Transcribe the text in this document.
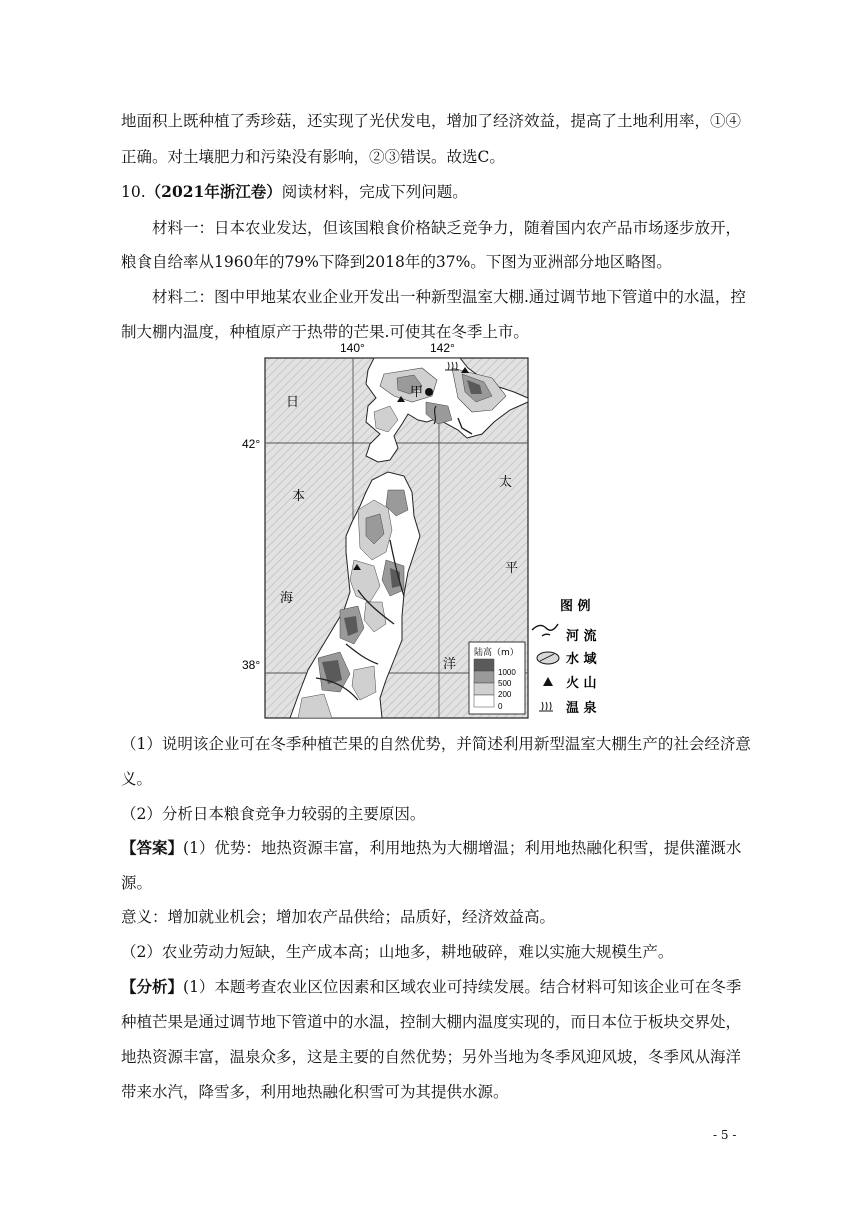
地面积上既种植了秀珍菇，还实现了光伏发电，增加了经济效益，提高了土地利用率，①④
正确。对土壤肥力和污染没有影响，②③错误。故选C。
10.（2021年浙江卷）阅读材料，完成下列问题。
材料一：日本农业发达，但该国粮食价格缺乏竞争力，随着国内农产品市场逐步放开，
粮食自给率从1960年的79%下降到2018年的37%。下图为亚洲部分地区略图。
材料二：图中甲地某农业企业开发出一种新型温室大棚.通过调节地下管道中的水温，控
制大棚内温度，种植原产于热带的芒果.可使其在冬季上市。
140°	142°
42°
38°
甲
日
本
海
太
平
洋
陆高（m）
1000
500
200
0
图 例
河 流
水 域
火 山
温 泉
（1）说明该企业可在冬季种植芒果的自然优势，并简述利用新型温室大棚生产的社会经济意
义。
（2）分析日本粮食竞争力较弱的主要原因。
【答案】(1）优势：地热资源丰富，利用地热为大棚增温；利用地热融化积雪，提供灌溉水
源。
意义：增加就业机会；增加农产品供给；品质好，经济效益高。
（2）农业劳动力短缺，生产成本高；山地多，耕地破碎，难以实施大规模生产。
【分析】(1）本题考查农业区位因素和区域农业可持续发展。结合材料可知该企业可在冬季
种植芒果是通过调节地下管道中的水温，控制大棚内温度实现的，而日本位于板块交界处，
地热资源丰富，温泉众多，这是主要的自然优势；另外当地为冬季风迎风坡，冬季风从海洋
带来水汽，降雪多，利用地热融化积雪可为其提供水源。
- 5 -
